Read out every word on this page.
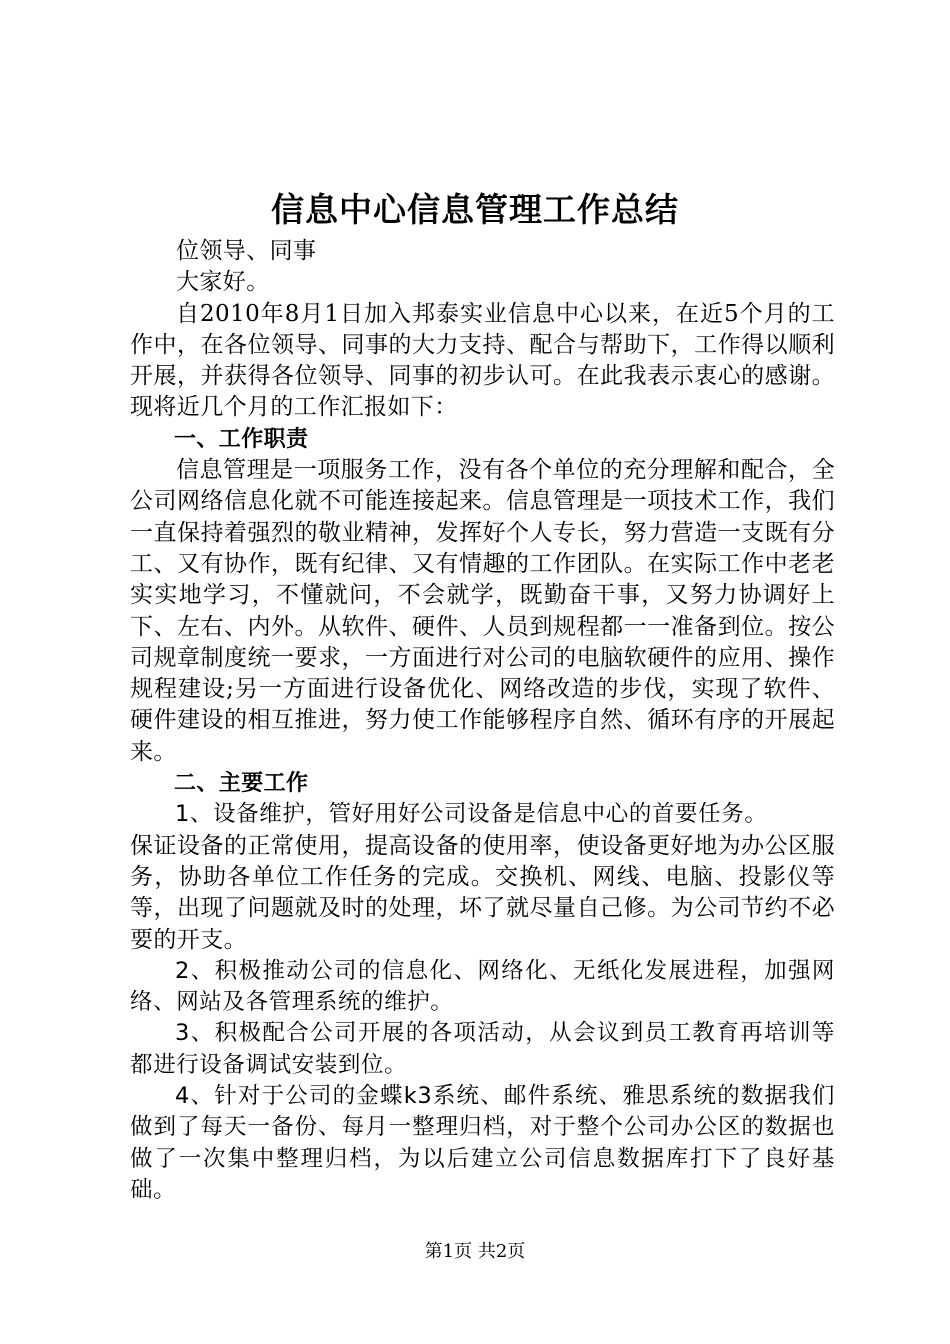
信息中心信息管理工作总结

位领导、同事

大家好。

自2010年8月1日加入邦泰实业信息中心以来，在近5个月的工作中，在各位领导、同事的大力支持、配合与帮助下，工作得以顺利开展，并获得各位领导、同事的初步认可。在此我表示衷心的感谢。现将近几个月的工作汇报如下：

一、工作职责

信息管理是一项服务工作，没有各个单位的充分理解和配合，全公司网络信息化就不可能连接起来。信息管理是一项技术工作，我们一直保持着强烈的敬业精神，发挥好个人专长，努力营造一支既有分工、又有协作，既有纪律、又有情趣的工作团队。在实际工作中老老实实地学习，不懂就问，不会就学，既勤奋干事，又努力协调好上下、左右、内外。从软件、硬件、人员到规程都一一准备到位。按公司规章制度统一要求，一方面进行对公司的电脑软硬件的应用、操作规程建设;另一方面进行设备优化、网络改造的步伐，实现了软件、硬件建设的相互推进，努力使工作能够程序自然、循环有序的开展起来。

二、主要工作

1、设备维护，管好用好公司设备是信息中心的首要任务。

保证设备的正常使用，提高设备的使用率，使设备更好地为办公区服务，协助各单位工作任务的完成。交换机、网线、电脑、投影仪等等，出现了问题就及时的处理，坏了就尽量自己修。为公司节约不必要的开支。

2、积极推动公司的信息化、网络化、无纸化发展进程，加强网络、网站及各管理系统的维护。

3、积极配合公司开展的各项活动，从会议到员工教育再培训等都进行设备调试安装到位。

4、针对于公司的金蝶k3系统、邮件系统、雅思系统的数据我们做到了每天一备份、每月一整理归档，对于整个公司办公区的数据也做了一次集中整理归档，为以后建立公司信息数据库打下了良好基础。

第1页 共2页
